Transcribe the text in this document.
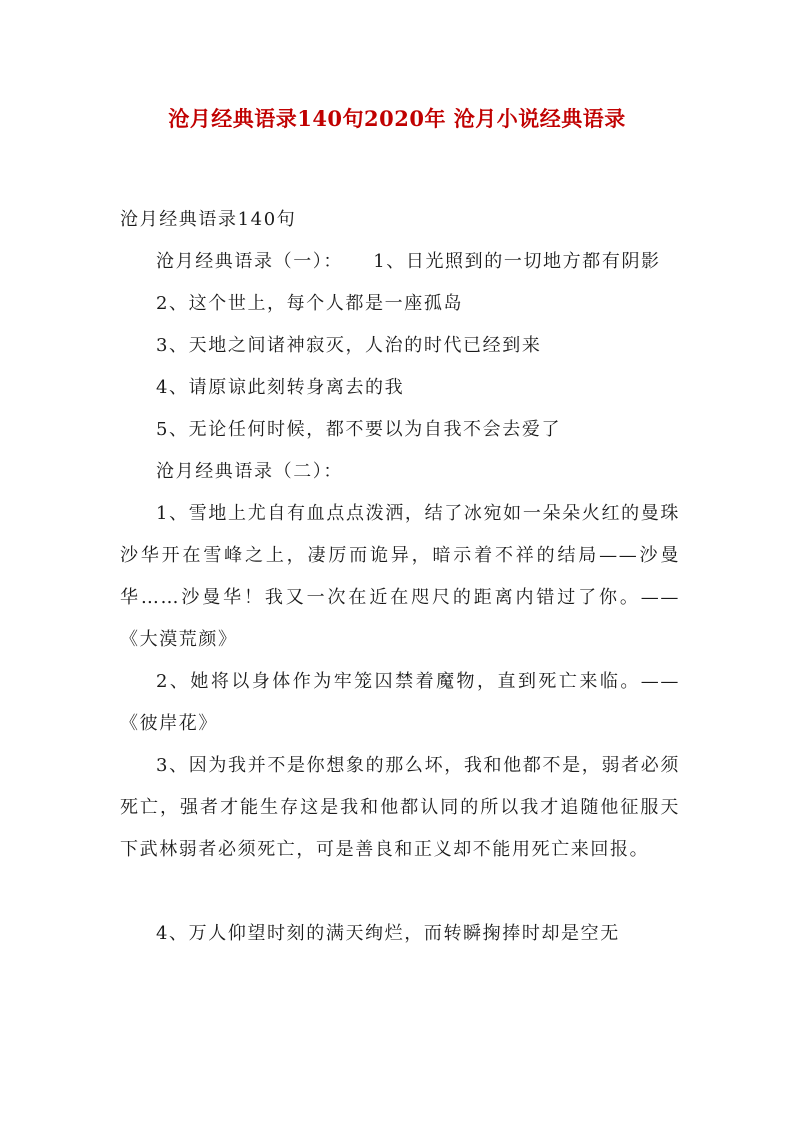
沧月经典语录140句2020年 沧月小说经典语录

沧月经典语录140句

沧月经典语录（一）：　　1、日光照到的一切地方都有阴影

2、这个世上，每个人都是一座孤岛

3、天地之间诸神寂灭，人治的时代已经到来

4、请原谅此刻转身离去的我

5、无论任何时候，都不要以为自我不会去爱了

沧月经典语录（二）：

1、雪地上尤自有血点点泼洒，结了冰宛如一朵朵火红的曼珠沙华开在雪峰之上，凄厉而诡异，暗示着不祥的结局——沙曼华……沙曼华！我又一次在近在咫尺的距离内错过了你。——《大漠荒颜》

2、她将以身体作为牢笼囚禁着魔物，直到死亡来临。——《彼岸花》

3、因为我并不是你想象的那么坏，我和他都不是，弱者必须死亡，强者才能生存这是我和他都认同的所以我才追随他征服天下武林弱者必须死亡，可是善良和正义却不能用死亡来回报。

4、万人仰望时刻的满天绚烂，而转瞬掬捧时却是空无
